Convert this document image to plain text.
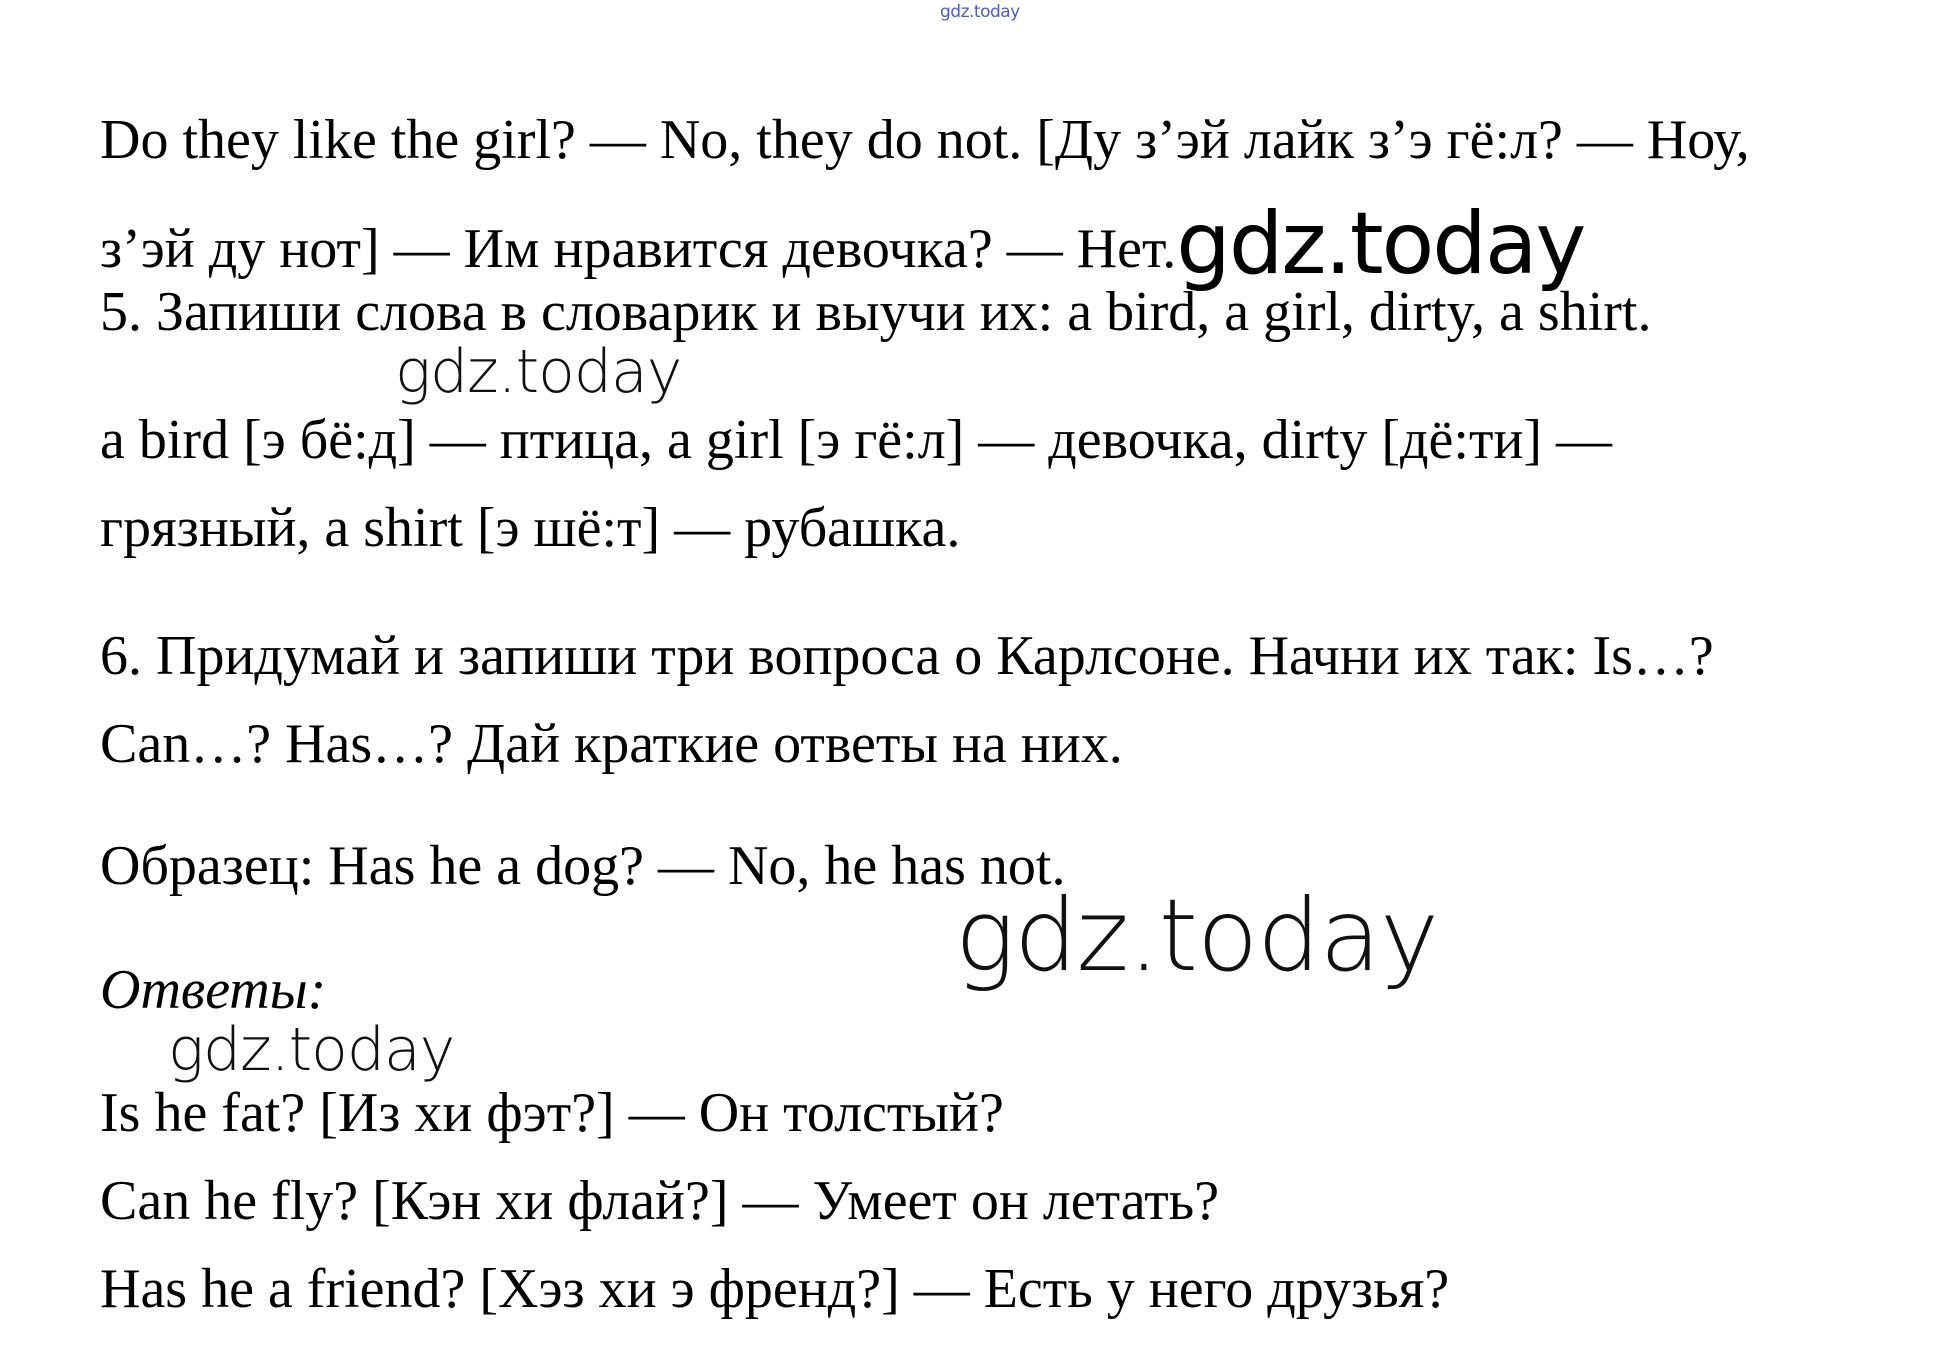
gdz.today
Do they like the girl? — No, they do not. [Ду з’эй лайк з’э гё:л? — Ноу,
з’эй ду нот] — Им нравится девочка? — Нет.gdz.today
5. Запиши слова в словарик и выучи их: a bird, a girl, dirty, a shirt.
gdz.today
a bird [э бё:д] — птица, a girl [э гё:л] — девочка, dirty [дё:ти] —
грязный, a shirt [э шё:т] — рубашка.
6. Придумай и запиши три вопроса о Карлсоне. Начни их так: Is…?
Can…? Has…? Дай краткие ответы на них.
Образец: Has he a dog? — No, he has not.
gdz.today
Ответы:
gdz.today
Is he fat? [Из хи фэт?] — Он толстый?
Can he fly? [Кэн хи флай?] — Умеет он летать?
Has he a friend? [Хэз хи э френд?] — Есть у него друзья?
